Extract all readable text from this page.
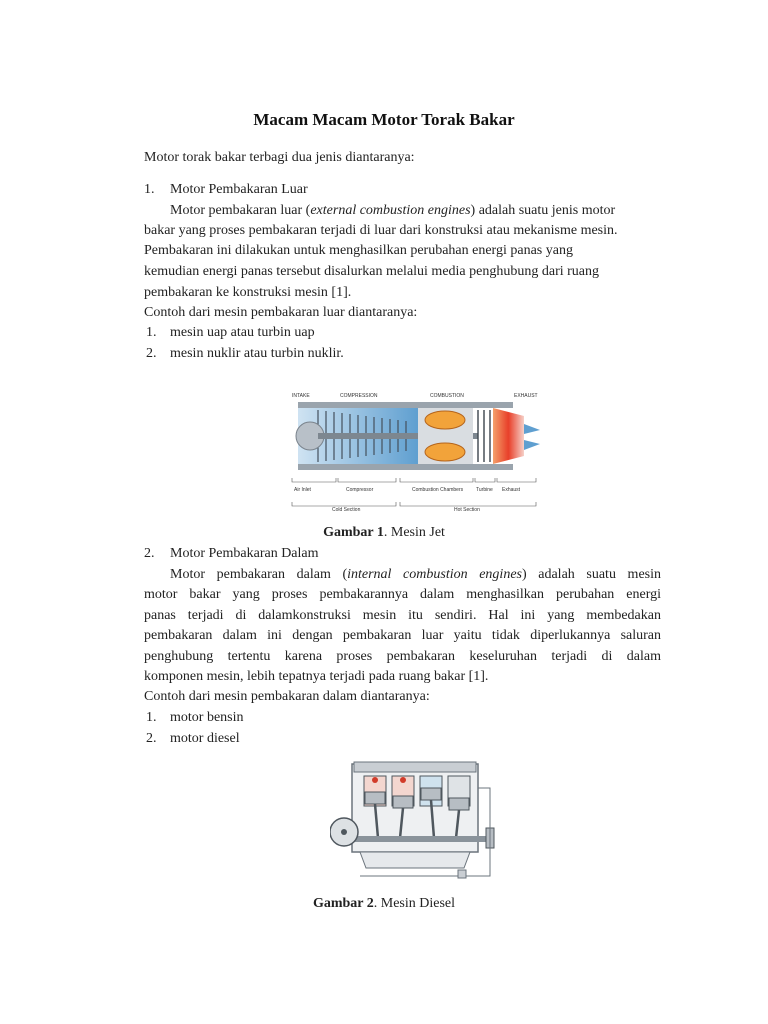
Macam Macam Motor Torak Bakar
Motor torak bakar terbagi dua jenis diantaranya:
1. Motor Pembakaran Luar
Motor pembakaran luar (external combustion engines) adalah suatu jenis motor
bakar yang proses pembakaran terjadi di luar dari konstruksi atau mekanisme mesin.
Pembakaran ini dilakukan untuk menghasilkan perubahan energi panas yang
kemudian energi panas tersebut disalurkan melalui media penghubung dari ruang
pembakaran ke konstruksi mesin [1].
Contoh dari mesin pembakaran luar diantaranya:
1. mesin uap atau turbin uap
2. mesin nuklir atau turbin nuklir.
INTAKE	COMPRESSION	COMBUSTION	EXHAUST
Air Inlet	Compressor	Combustion Chambers	Turbine Exhaust
Cold Section	Hot Section
Gambar 1. Mesin Jet
2. Motor Pembakaran Dalam
Motor pembakaran dalam (internal combustion engines) adalah suatu mesin
motor bakar yang proses pembakarannya dalam menghasilkan perubahan energi
panas terjadi di dalamkonstruksi mesin itu sendiri. Hal ini yang membedakan
pembakaran dalam ini dengan pembakaran luar yaitu tidak diperlukannya saluran
penghubung tertentu karena proses pembakaran keseluruhan terjadi di dalam
komponen mesin, lebih tepatnya terjadi pada ruang bakar [1].
Contoh dari mesin pembakaran dalam diantaranya:
1. motor bensin
2. motor diesel
Gambar 2. Mesin Diesel
